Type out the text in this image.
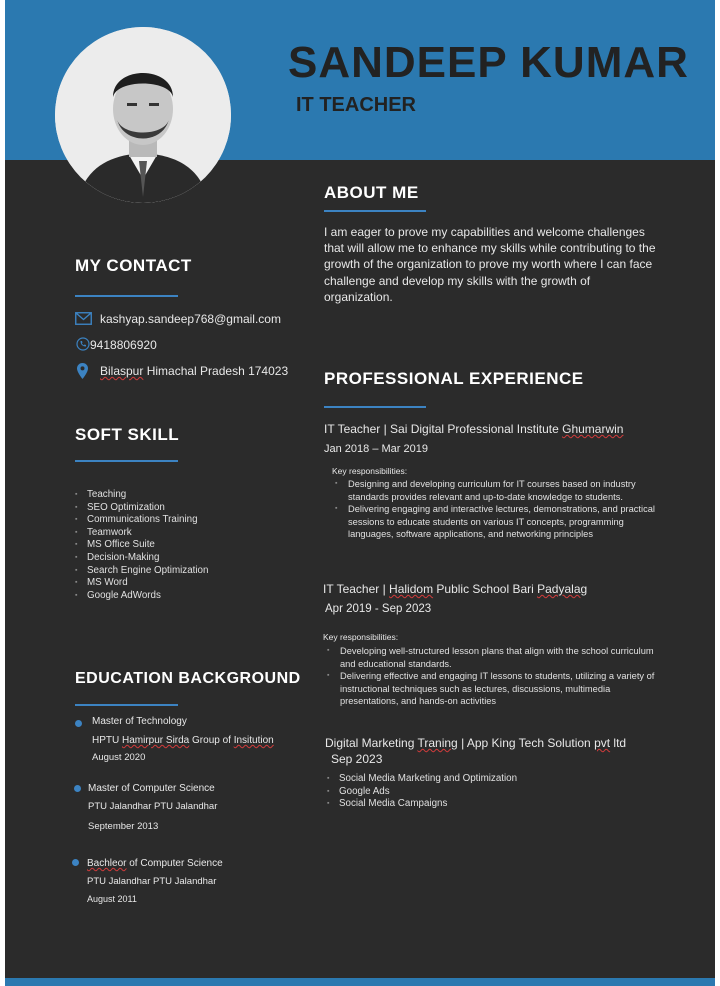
SANDEEP KUMAR
IT TEACHER
ABOUT ME
I am eager to prove my capabilities and welcome challenges that will allow me to enhance my skills while contributing to the growth of the organization to prove my worth where I can face challenge and develop my skills with the growth of organization.
MY CONTACT
kashyap.sandeep768@gmail.com
9418806920
Bilaspur Himachal Pradesh 174023
SOFT SKILL
▪ Teaching
▪ SEO Optimization
▪ Communications Training
▪ Teamwork
▪ MS Office Suite
▪ Decision-Making
▪ Search Engine Optimization
▪ MS Word
▪ Google AdWords
EDUCATION BACKGROUND
Master of Technology
HPTU Hamirpur Sirda Group of Insitution
August 2020
Master of Computer Science
PTU Jalandhar PTU Jalandhar
September 2013
Bachleor of Computer Science
PTU Jalandhar PTU Jalandhar
August 2011
PROFESSIONAL EXPERIENCE
IT Teacher | Sai Digital Professional Institute Ghumarwin
Jan 2018 – Mar 2019
Key responsibilities:
▪ Designing and developing curriculum for IT courses based on industry standards provides relevant and up-to-date knowledge to students.
▪ Delivering engaging and interactive lectures, demonstrations, and practical sessions to educate students on various IT concepts, programming languages, software applications, and networking principles
IT Teacher | Halidom Public School Bari Padyalag
Apr 2019 - Sep 2023
Key responsibilities:
▪ Developing well-structured lesson plans that align with the school curriculum and educational standards.
▪ Delivering effective and engaging IT lessons to students, utilizing a variety of instructional techniques such as lectures, discussions, multimedia presentations, and hands-on activities
Digital Marketing Traning | App King Tech Solution pvt ltd
Sep 2023
▪ Social Media Marketing and Optimization
▪ Google Ads
▪ Social Media Campaigns
